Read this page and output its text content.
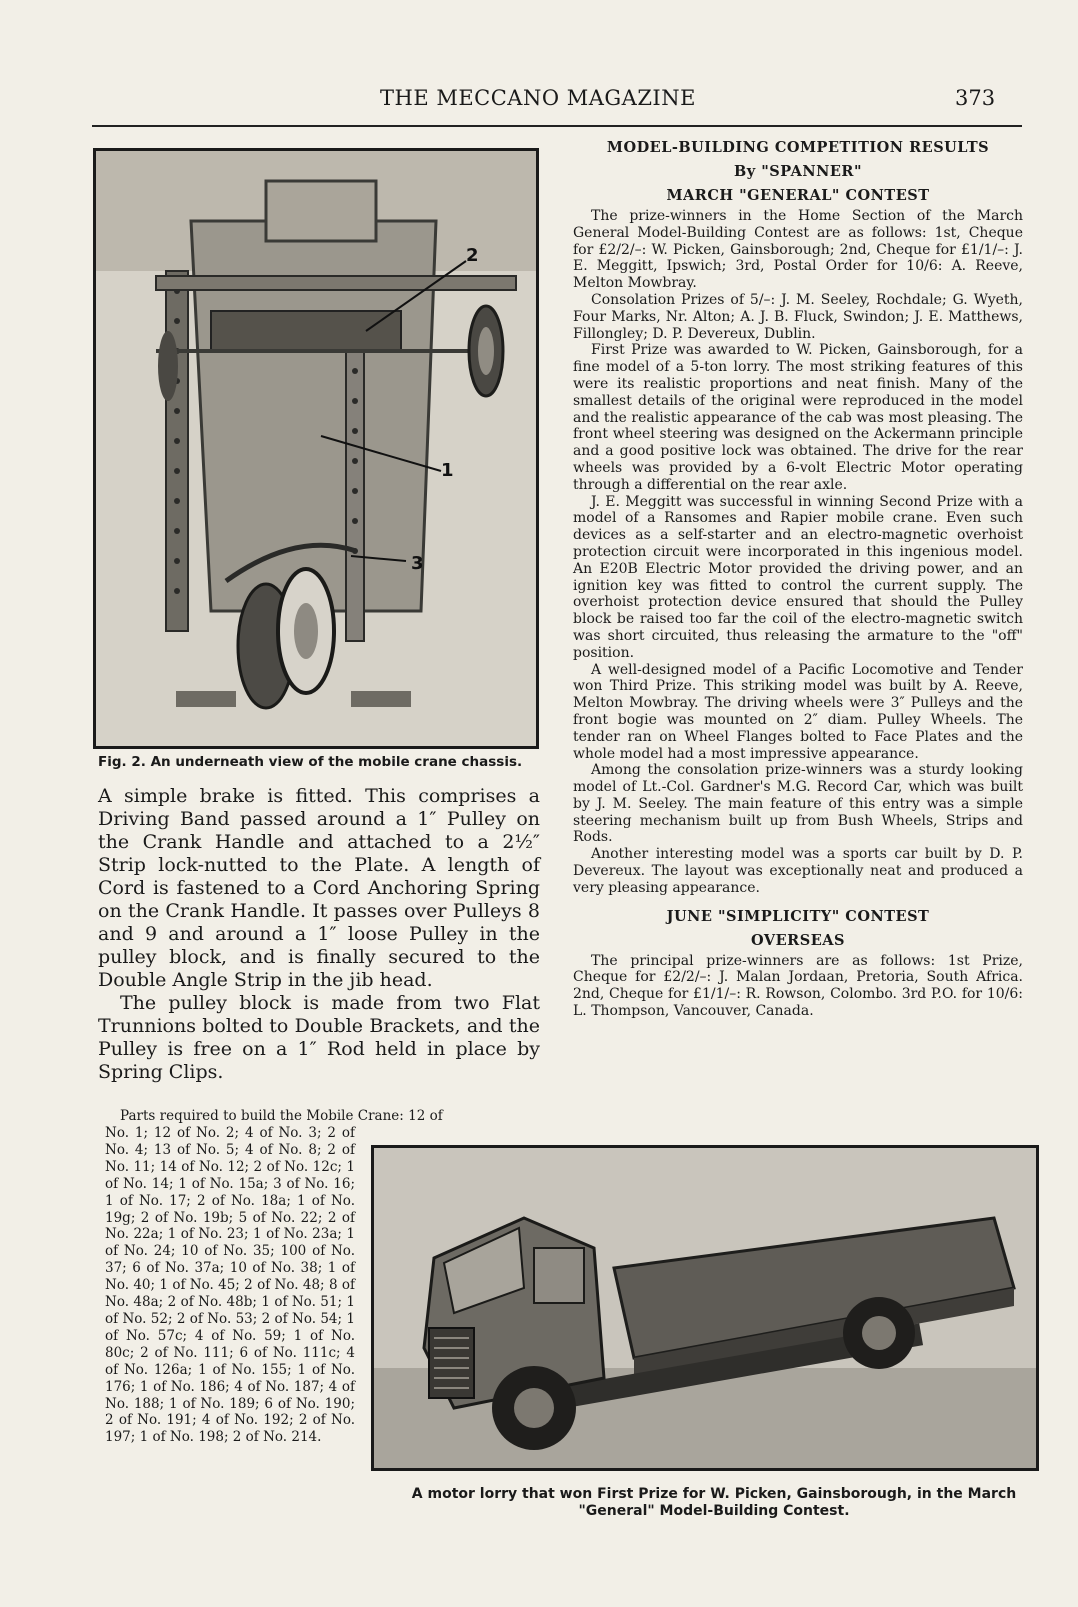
THE MECCANO MAGAZINE	373
2
1
3
Fig. 2. An underneath view of the mobile crane chassis.

A simple brake is fitted. This comprises a Driving Band passed around a 1″ Pulley on the Crank Handle and attached to a 2½″ Strip lock-nutted to the Plate. A length of Cord is fastened to a Cord Anchoring Spring on the Crank Handle. It passes over Pulleys 8 and 9 and around a 1″ loose Pulley in the pulley block, and is finally secured to the Double Angle Strip in the jib head.

The pulley block is made from two Flat Trunnions bolted to Double Brackets, and the Pulley is free on a 1″ Rod held in place by Spring Clips.

Parts required to build the Mobile Crane: 12 of
No. 1; 12 of No. 2; 4 of No. 3; 2 of No. 4; 13 of No. 5; 4 of No. 8; 2 of No. 11; 14 of No. 12; 2 of No. 12c; 1 of No. 14; 1 of No. 15a; 3 of No. 16; 1 of No. 17; 2 of No. 18a; 1 of No. 19g; 2 of No. 19b; 5 of No. 22; 2 of No. 22a; 1 of No. 23; 1 of No. 23a; 1 of No. 24; 10 of No. 35; 100 of No. 37; 6 of No. 37a; 10 of No. 38; 1 of No. 40; 1 of No. 45; 2 of No. 48; 8 of No. 48a; 2 of No. 48b; 1 of No. 51; 1 of No. 52; 2 of No. 53; 2 of No. 54; 1 of No. 57c; 4 of No. 59; 1 of No. 80c; 2 of No. 111; 6 of No. 111c; 4 of No. 126a; 1 of No. 155; 1 of No. 176; 1 of No. 186; 4 of No. 187; 4 of No. 188; 1 of No. 189; 6 of No. 190; 2 of No. 191; 4 of No. 192; 2 of No. 197; 1 of No. 198; 2 of No. 214.
MODEL-BUILDING COMPETITION RESULTS
By "SPANNER"
MARCH "GENERAL" CONTEST

The prize-winners in the Home Section of the March General Model-Building Contest are as follows: 1st, Cheque for £2/2/–: W. Picken, Gainsborough; 2nd, Cheque for £1/1/–: J. E. Meggitt, Ipswich; 3rd, Postal Order for 10/6: A. Reeve, Melton Mowbray.

Consolation Prizes of 5/–: J. M. Seeley, Rochdale; G. Wyeth, Four Marks, Nr. Alton; A. J. B. Fluck, Swindon; J. E. Matthews, Fillongley; D. P. Devereux, Dublin.

First Prize was awarded to W. Picken, Gainsborough, for a fine model of a 5-ton lorry. The most striking features of this were its realistic proportions and neat finish. Many of the smallest details of the original were reproduced in the model and the realistic appearance of the cab was most pleasing. The front wheel steering was designed on the Ackermann principle and a good positive lock was obtained. The drive for the rear wheels was provided by a 6-volt Electric Motor operating through a differential on the rear axle.

J. E. Meggitt was successful in winning Second Prize with a model of a Ransomes and Rapier mobile crane. Even such devices as a self-starter and an electro-magnetic overhoist protection circuit were incorporated in this ingenious model. An E20B Electric Motor provided the driving power, and an ignition key was fitted to control the current supply. The overhoist protection device ensured that should the Pulley block be raised too far the coil of the electro-magnetic switch was short circuited, thus releasing the armature to the "off" position.

A well-designed model of a Pacific Locomotive and Tender won Third Prize. This striking model was built by A. Reeve, Melton Mowbray. The driving wheels were 3″ Pulleys and the front bogie was mounted on 2″ diam. Pulley Wheels. The tender ran on Wheel Flanges bolted to Face Plates and the whole model had a most impressive appearance.

Among the consolation prize-winners was a sturdy looking model of Lt.-Col. Gardner's M.G. Record Car, which was built by J. M. Seeley. The main feature of this entry was a simple steering mechanism built up from Bush Wheels, Strips and Rods.

Another interesting model was a sports car built by D. P. Devereux. The layout was exceptionally neat and produced a very pleasing appearance.

JUNE "SIMPLICITY" CONTEST
OVERSEAS

The principal prize-winners are as follows: 1st Prize, Cheque for £2/2/–: J. Malan Jordaan, Pretoria, South Africa. 2nd, Cheque for £1/1/–: R. Rowson, Colombo. 3rd P.O. for 10/6: L. Thompson, Vancouver, Canada.

A motor lorry that won First Prize for W. Picken, Gainsborough, in the March "General" Model-Building Contest.
